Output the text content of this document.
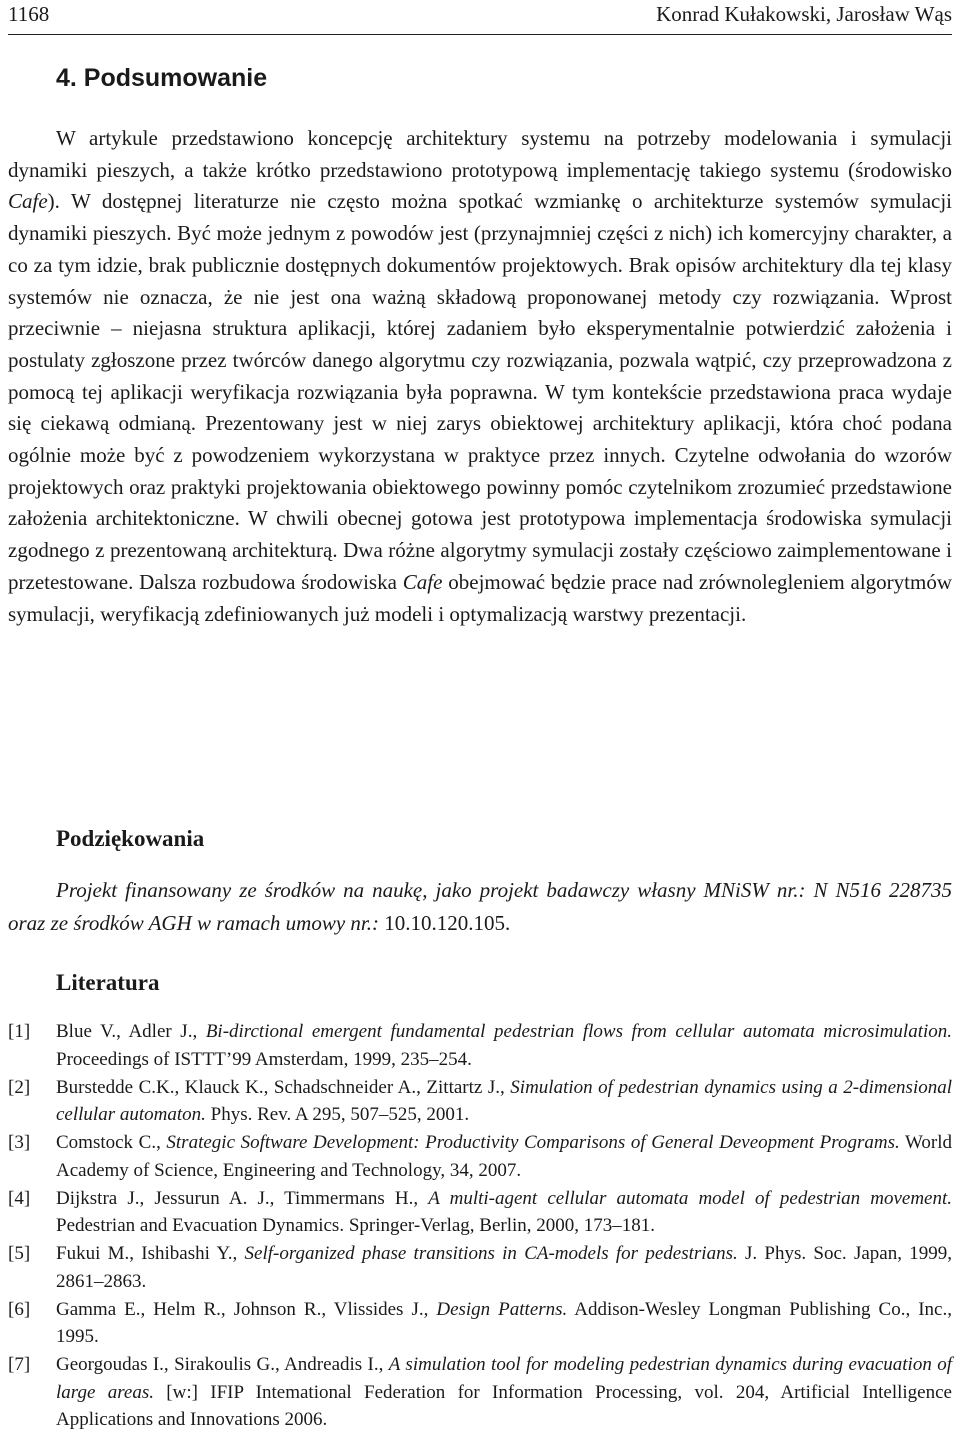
1168	Konrad Kułakowski, Jarosław Wąs
4. Podsumowanie

W artykule przedstawiono koncepcję architektury systemu na potrzeby modelowania i symulacji dynamiki pieszych, a także krótko przedstawiono prototypową implementację takiego systemu (środowisko Cafe). W dostępnej literaturze nie często można spotkać wzmiankę o architekturze systemów symulacji dynamiki pieszych. Być może jednym z powodów jest (przynajmniej części z nich) ich komercyjny charakter, a co za tym idzie, brak publicznie dostępnych dokumentów projektowych. Brak opisów architektury dla tej klasy systemów nie oznacza, że nie jest ona ważną składową proponowanej metody czy rozwiązania. Wprost przeciwnie – niejasna struktura aplikacji, której zadaniem było eksperymentalnie potwierdzić założenia i postulaty zgłoszone przez twórców danego algorytmu czy rozwiązania, pozwala wątpić, czy przeprowadzona z pomocą tej aplikacji weryfikacja rozwiązania była poprawna. W tym kontekście przedstawiona praca wydaje się ciekawą odmianą. Prezentowany jest w niej zarys obiektowej architektury aplikacji, która choć podana ogólnie może być z powodzeniem wykorzystana w praktyce przez innych. Czytelne odwołania do wzorów projektowych oraz praktyki projektowania obiektowego powinny pomóc czytelnikom zrozumieć przedstawione założenia architektoniczne. W chwili obecnej gotowa jest prototypowa implementacja środowiska symulacji zgodnego z prezentowaną architekturą. Dwa różne algorytmy symulacji zostały częściowo zaimplementowane i przetestowane. Dalsza rozbudowa środowiska Cafe obejmować będzie prace nad zrównolegleniem algorytmów symulacji, weryfikacją zdefiniowanych już modeli i optymalizacją warstwy prezentacji.

Podziękowania

Projekt finansowany ze środków na naukę, jako projekt badawczy własny MNiSW nr.: N N516 228735 oraz ze środków AGH w ramach umowy nr.: 10.10.120.105.

Literatura
[1] Blue V., Adler J., Bi-dirctional emergent fundamental pedestrian flows from cellular automata microsimulation. Proceedings of ISTTT’99 Amsterdam, 1999, 235–254.
[2] Burstedde C.K., Klauck K., Schadschneider A., Zittartz J., Simulation of pedestrian dynamics using a 2-dimensional cellular automaton. Phys. Rev. A 295, 507–525, 2001.
[3] Comstock C., Strategic Software Development: Productivity Comparisons of General Deveopment Programs. World Academy of Science, Engineering and Technology, 34, 2007.
[4] Dijkstra J., Jessurun A. J., Timmermans H., A multi-agent cellular automata model of pedestrian movement. Pedestrian and Evacuation Dynamics. Springer-Verlag, Berlin, 2000, 173–181.
[5] Fukui M., Ishibashi Y., Self-organized phase transitions in CA-models for pedestrians. J. Phys. Soc. Japan, 1999, 2861–2863.
[6] Gamma E., Helm R., Johnson R., Vlissides J., Design Patterns. Addison-Wesley Longman Publishing Co., Inc., 1995.
[7] Georgoudas I., Sirakoulis G., Andreadis I., A simulation tool for modeling pedestrian dynamics during evacuation of large areas. [w:] IFIP Intemational Federation for Information Processing, vol. 204, Artificial Intelligence Applications and Innovations 2006.
